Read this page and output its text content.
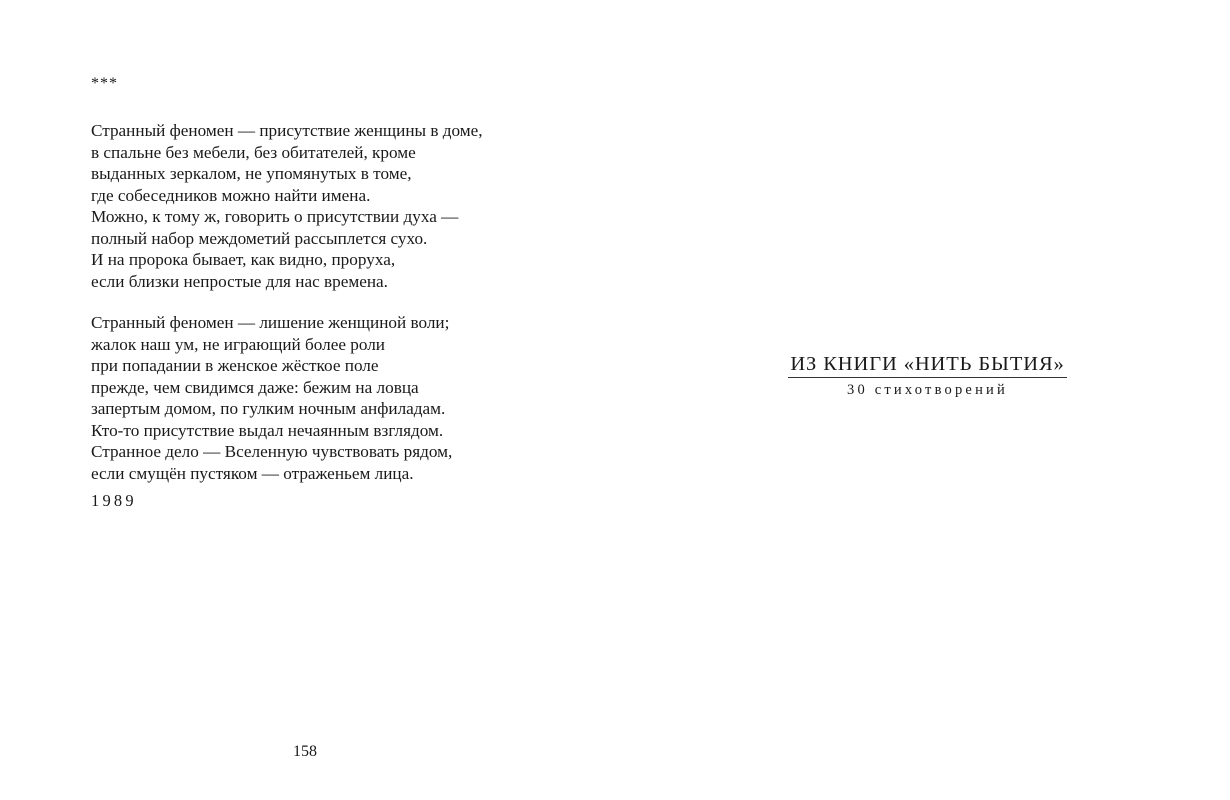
***
Странный феномен — присутствие женщины в доме,
в спальне без мебели, без обитателей, кроме
выданных зеркалом, не упомянутых в томе,
где собеседников можно найти имена.
Можно, к тому ж, говорить о присутствии духа —
полный набор междометий рассыплется сухо.
И на пророка бывает, как видно, проруха,
если близки непростые для нас времена.
Странный феномен — лишение женщиной воли;
жалок наш ум, не играющий более роли
при попадании в женское жёсткое поле
прежде, чем свидимся даже: бежим на ловца
запертым домом, по гулким ночным анфиладам.
Кто-то присутствие выдал нечаянным взглядом.
Странное дело — Вселенную чувствовать рядом,
если смущён пустяком — отраженьем лица.
1989
158
ИЗ КНИГИ «НИТЬ БЫТИЯ»
30 стихотворений
